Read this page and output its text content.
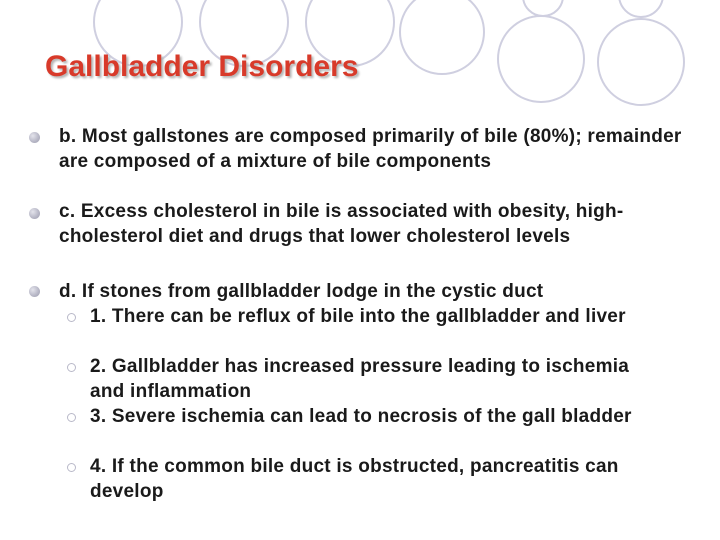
Gallbladder Disorders
b. Most gallstones are composed primarily of bile (80%); remainder are composed of a mixture of bile components
c. Excess cholesterol in bile is associated with obesity, high-cholesterol diet and drugs that lower cholesterol levels
d. If stones from gallbladder lodge in the cystic duct
1. There can be reflux of bile into the gallbladder and liver
2. Gallbladder has increased pressure leading to ischemia and inflammation
3. Severe ischemia can lead to necrosis of the gall bladder
4. If the common bile duct is obstructed, pancreatitis can develop
